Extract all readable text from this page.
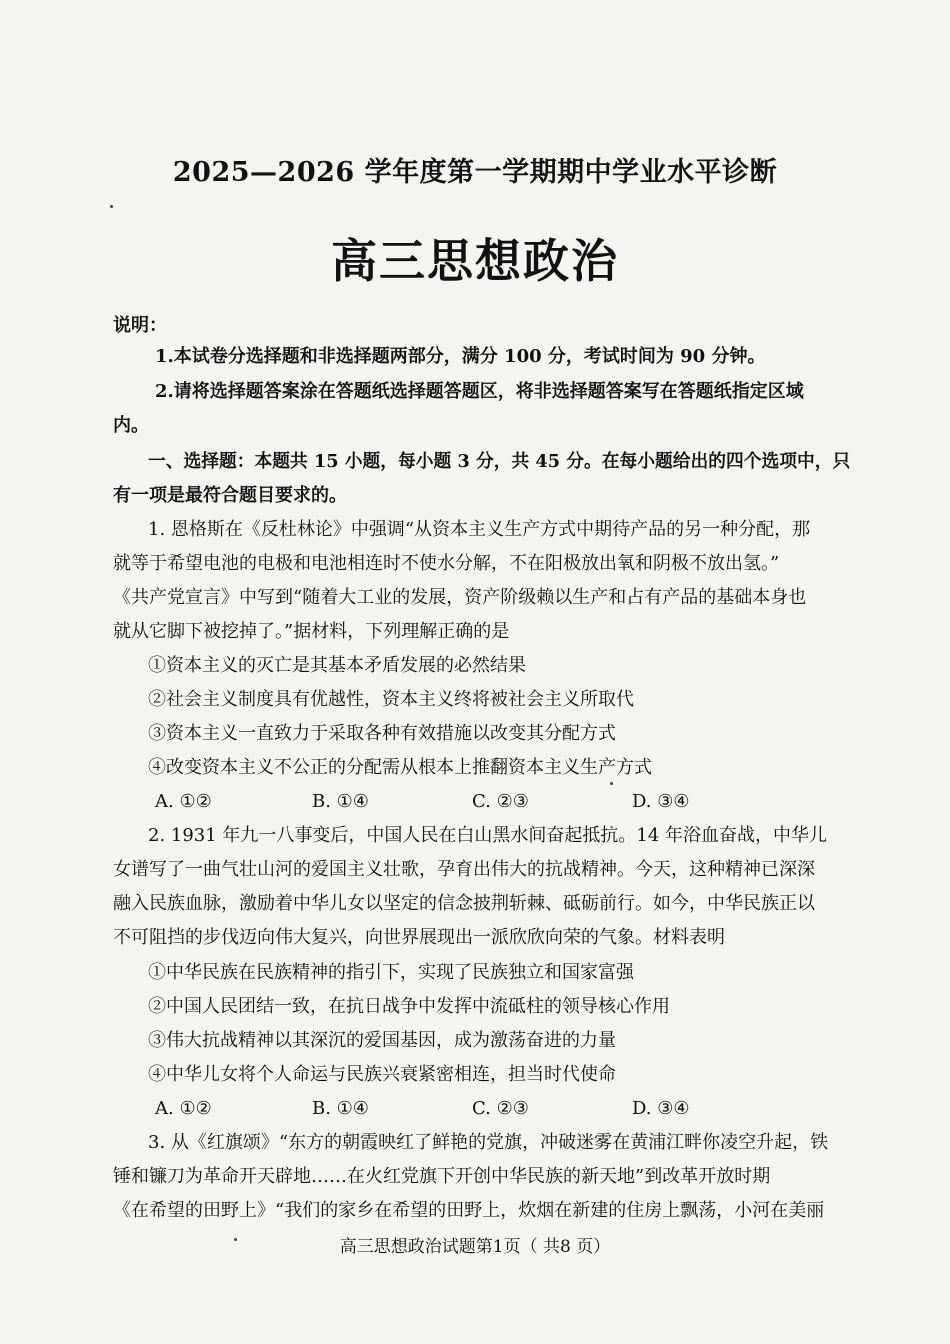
2025—2026 学年度第一学期期中学业水平诊断
高三思想政治
说明：
1.本试卷分选择题和非选择题两部分，满分 100 分，考试时间为 90 分钟。
2.请将选择题答案涂在答题纸选择题答题区，将非选择题答案写在答题纸指定区域
内。
一、选择题：本题共 15 小题，每小题 3 分，共 45 分。在每小题给出的四个选项中，只
有一项是最符合题目要求的。
1. 恩格斯在《反杜林论》中强调“从资本主义生产方式中期待产品的另一种分配，那
就等于希望电池的电极和电池相连时不使水分解，不在阳极放出氧和阴极不放出氢。”
《共产党宣言》中写到“随着大工业的发展，资产阶级赖以生产和占有产品的基础本身也
就从它脚下被挖掉了。”据材料，下列理解正确的是
①资本主义的灭亡是其基本矛盾发展的必然结果
②社会主义制度具有优越性，资本主义终将被社会主义所取代
③资本主义一直致力于采取各种有效措施以改变其分配方式
④改变资本主义不公正的分配需从根本上推翻资本主义生产方式
A. ①②	B. ①④	C. ②③	D. ③④
2. 1931 年九一八事变后，中国人民在白山黑水间奋起抵抗。14 年浴血奋战，中华儿
女谱写了一曲气壮山河的爱国主义壮歌，孕育出伟大的抗战精神。今天，这种精神已深深
融入民族血脉，激励着中华儿女以坚定的信念披荆斩棘、砥砺前行。如今，中华民族正以
不可阻挡的步伐迈向伟大复兴，向世界展现出一派欣欣向荣的气象。材料表明
①中华民族在民族精神的指引下，实现了民族独立和国家富强
②中国人民团结一致，在抗日战争中发挥中流砥柱的领导核心作用
③伟大抗战精神以其深沉的爱国基因，成为激荡奋进的力量
④中华儿女将个人命运与民族兴衰紧密相连，担当时代使命
A. ①②	B. ①④	C. ②③	D. ③④
3. 从《红旗颂》“东方的朝霞映红了鲜艳的党旗，冲破迷雾在黄浦江畔你凌空升起，铁
锤和镰刀为革命开天辟地……在火红党旗下开创中华民族的新天地”到改革开放时期
《在希望的田野上》“我们的家乡在希望的田野上，炊烟在新建的住房上飘荡，小河在美丽
高三思想政治试题第1页（ 共8 页）
